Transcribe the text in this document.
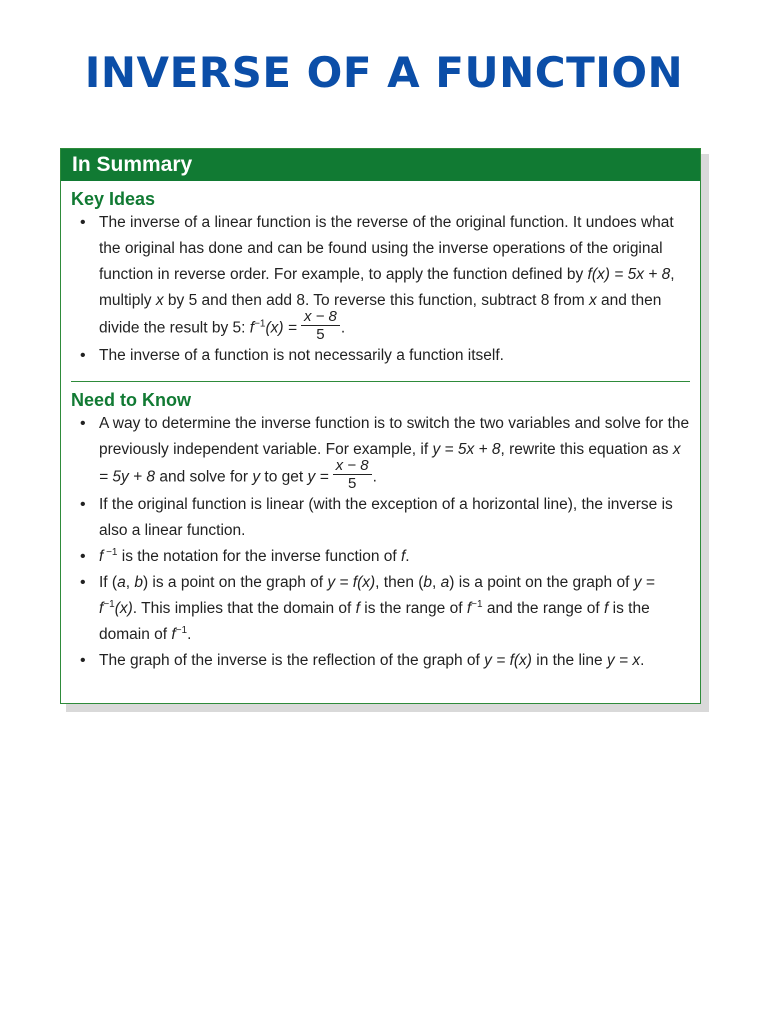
INVERSE OF A FUNCTION
In Summary
Key Ideas
• The inverse of a linear function is the reverse of the original function. It undoes what the original has done and can be found using the inverse operations of the original function in reverse order. For example, to apply the function defined by f(x) = 5x + 8, multiply x by 5 and then add 8. To reverse this function, subtract 8 from x and then divide the result by 5: $f^{-1}(x) = \frac{x - 8}{5}$ .
• The inverse of a function is not necessarily a function itself.
Need to Know
• A way to determine the inverse function is to switch the two variables and solve for the previously independent variable. For example, if y = 5x + 8, rewrite this equation as x = 5y + 8 and solve for y to get $y = \frac{x - 8}{5}$ .
• If the original function is linear (with the exception of a horizontal line), the inverse is also a linear function.
• f $^{-1}$ is the notation for the inverse function of f.
• If (a, b) is a point on the graph of y = f(x), then (b, a) is a point on the graph of $y = f^{-1}(x)$. This implies that the domain of f is the range of $f^{-1}$ and the range of f is the domain of $f^{-1}$.
• The graph of the inverse is the reflection of the graph of y = f(x) in the line y = x.
